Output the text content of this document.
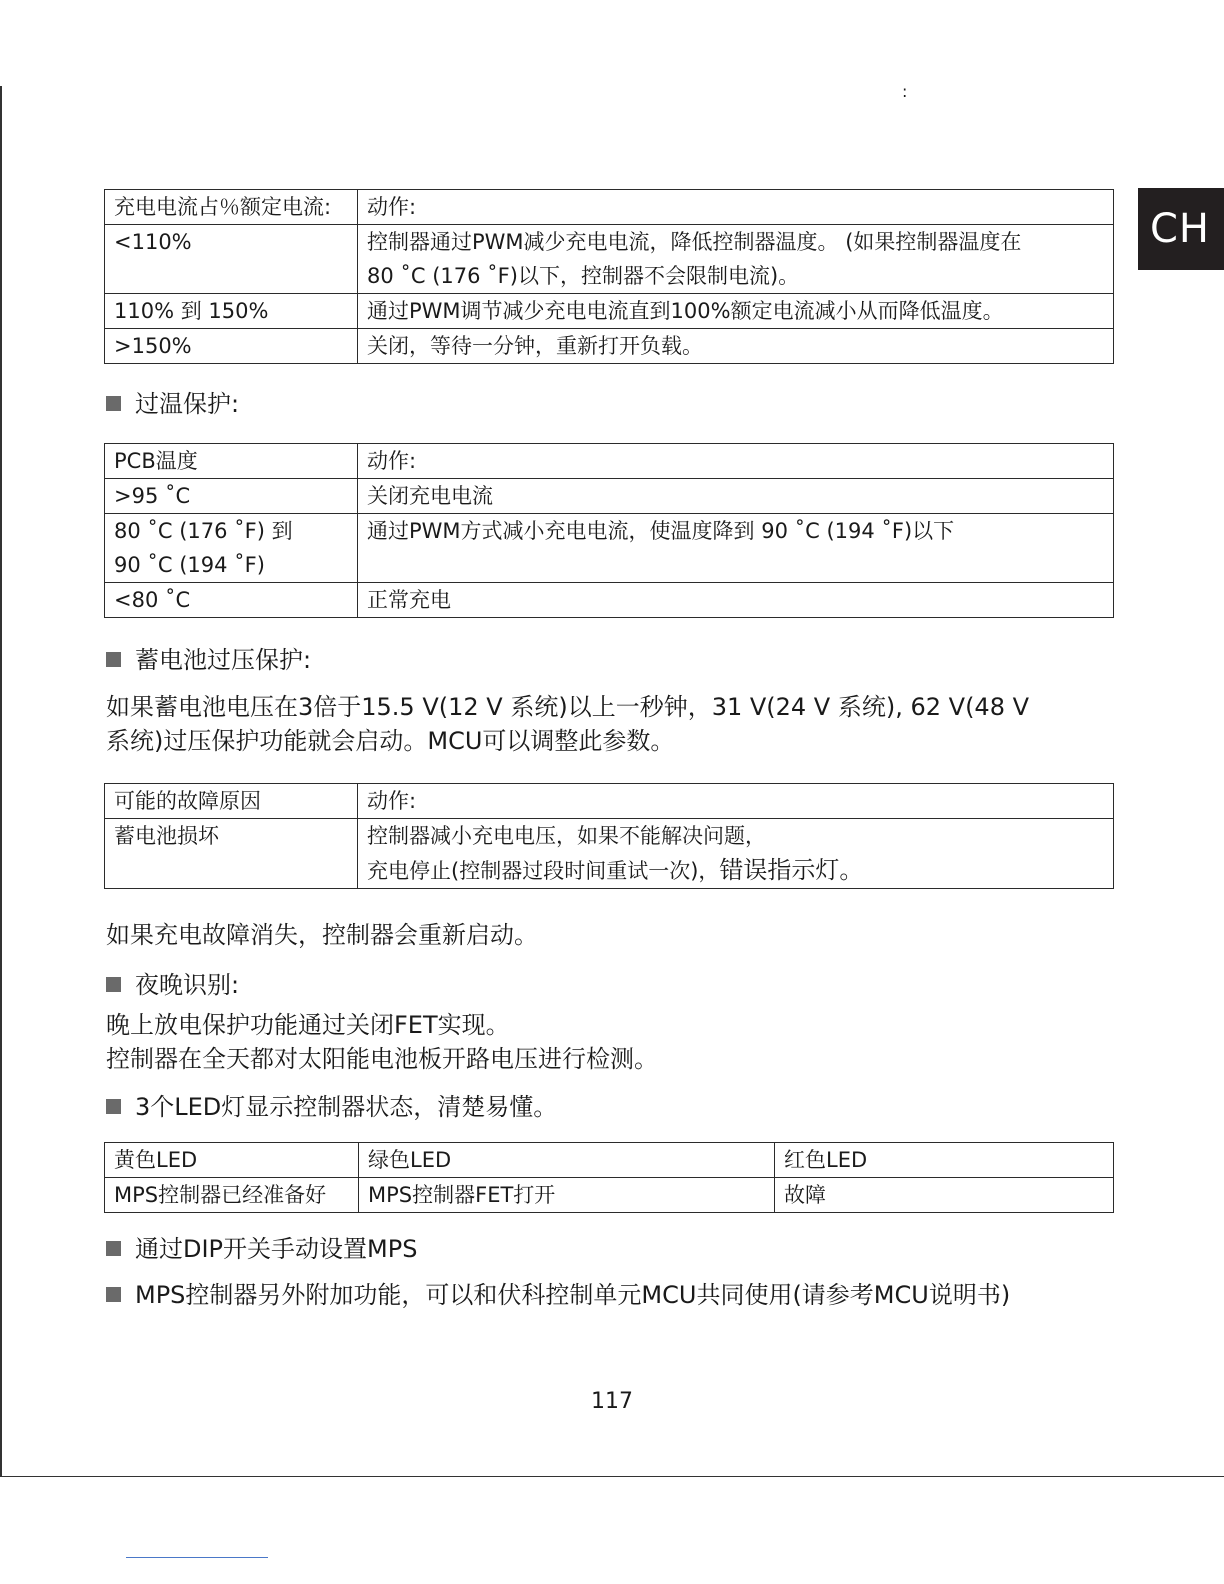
:
CH
充电电流占％额定电流:	动作:
<110%	控制器通过PWM减少充电电流，降低控制器温度。 (如果控制器温度在
80 ˚C (176 ˚F)以下，控制器不会限制电流)。

110% 到 150%	通过PWM调节减少充电电流直到100%额定电流减小从而降低温度。
>150%	关闭，等待一分钟，重新打开负载。
过温保护:
PCB温度	动作:
>95 ˚C	关闭充电电流

80 ˚C (176 ˚F) 到
90 ˚C (194 ˚F)	通过PWM方式减小充电电流，使温度降到 90 ˚C (194 ˚F)以下
<80 ˚C	正常充电
蓄电池过压保护:
如果蓄电池电压在3倍于15.5 V(12 V 系统)以上一秒钟，31 V(24 V 系统), 62 V(48 V
系统)过压保护功能就会启动。MCU可以调整此参数。
可能的故障原因	动作:
蓄电池损坏	控制器减小充电电压，如果不能解决问题，
充电停止(控制器过段时间重试一次)，错误指示灯。
如果充电故障消失，控制器会重新启动。
夜晚识别:
晚上放电保护功能通过关闭FET实现。
控制器在全天都对太阳能电池板开路电压进行检测。
3个LED灯显示控制器状态，清楚易懂。
黄色LED	绿色LED	红色LED
MPS控制器已经准备好	MPS控制器FET打开	故障
通过DIP开关手动设置MPS
MPS控制器另外附加功能，可以和伏科控制单元MCU共同使用(请参考MCU说明书)
117
